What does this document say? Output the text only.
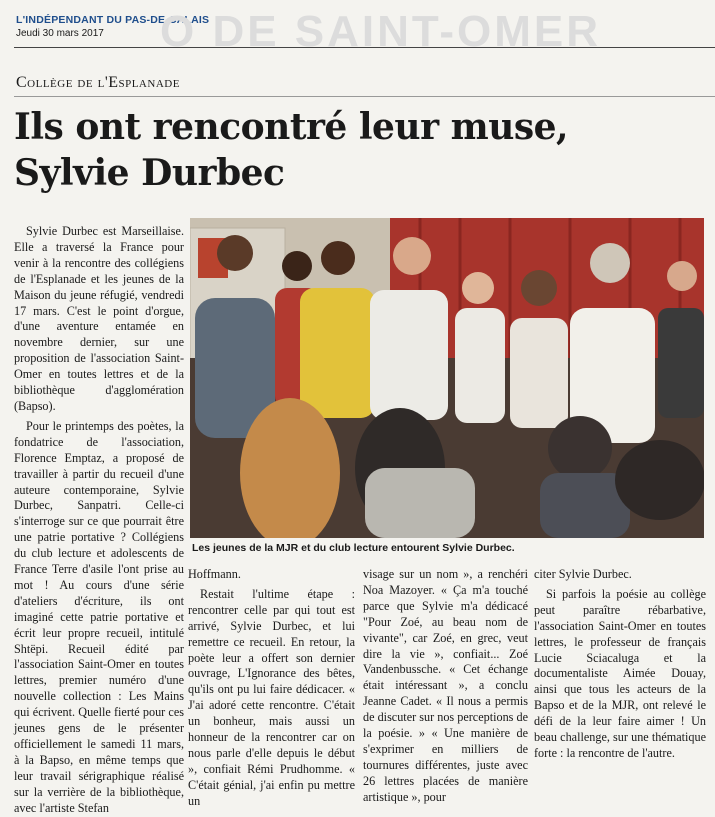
L'INDÉPENDANT DU PAS-DE-CALAIS
Jeudi 30 mars 2017	O DE SAINT-OMER
Collège de l'Esplanade
Ils ont rencontré leur muse,
Sylvie Durbec
Les jeunes de la MJR et du club lecture entourent Sylvie Durbec.

Sylvie Durbec est Marseillaise. Elle a traversé la France pour venir à la rencontre des collégiens de l'Esplanade et les jeunes de la Maison du jeune réfugié, vendredi 17 mars. C'est le point d'orgue, d'une aventure entamée en novembre dernier, sur une proposition de l'association Saint-Omer en toutes lettres et de la bibliothèque d'agglomération (Bapso).

Pour le printemps des poètes, la fondatrice de l'association, Florence Emptaz, a proposé de travailler à partir du recueil d'une auteure contemporaine, Sylvie Durbec, Sanpatri. Celle-ci s'interroge sur ce que pourrait être une patrie portative ? Collégiens du club lecture et adolescents de France Terre d'asile l'ont prise au mot ! Au cours d'une série d'ateliers d'écriture, ils ont imaginé cette patrie portative et écrit leur propre recueil, intitulé Shtëpi. Recueil édité par l'association Saint-Omer en toutes lettres, premier numéro d'une nouvelle collection : Les Mains qui écrivent. Quelle fierté pour ces jeunes gens de le présenter officiellement le samedi 11 mars, à la Bapso, en même temps que leur travail sérigraphique réalisé sur la verrière de la bibliothèque, avec l'artiste Stefan

Hoffmann.

Restait l'ultime étape : rencontrer celle par qui tout est arrivé, Sylvie Durbec, et lui remettre ce recueil. En retour, la poète leur a offert son dernier ouvrage, L'Ignorance des bêtes, qu'ils ont pu lui faire dédicacer. « J'ai adoré cette rencontre. C'était un bonheur, mais aussi un honneur de la rencontrer car on nous parle d'elle depuis le début », confiait Rémi Prudhomme. « C'était génial, j'ai enfin pu mettre un

visage sur un nom », a renchéri Noa Mazoyer. « Ça m'a touché parce que Sylvie m'a dédicacé "Pour Zoé, au beau nom de vivante", car Zoé, en grec, veut dire la vie », confiait... Zoé Vandenbussche. « Cet échange était intéressant », a conclu Jeanne Cadet. « Il nous a permis de discuter sur nos perceptions de la poésie. » « Une manière de s'exprimer en milliers de tournures différentes, juste avec 26 lettres placées de manière artistique », pour

citer Sylvie Durbec.

Si parfois la poésie au collège peut paraître rébarbative, l'association Saint-Omer en toutes lettres, le professeur de français Lucie Sciacaluga et la documentaliste Aimée Douay, ainsi que tous les acteurs de la Bapso et de la MJR, ont relevé le défi de la leur faire aimer ! Un beau challenge, sur une thématique forte : la rencontre de l'autre.
